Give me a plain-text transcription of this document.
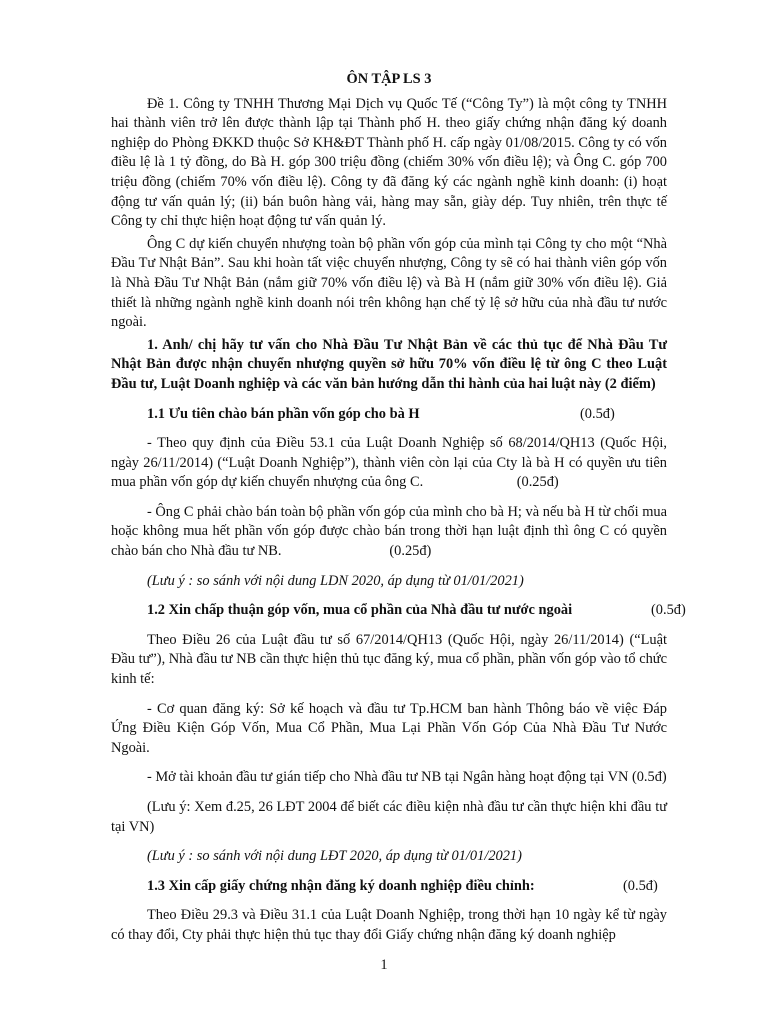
ÔN TẬP LS 3

Đề 1. Công ty TNHH Thương Mại Dịch vụ Quốc Tế (“Công Ty”) là một công ty TNHH hai thành viên trở lên được thành lập tại Thành phố H. theo giấy chứng nhận đăng ký doanh nghiệp do Phòng ĐKKD thuộc Sở KH&ĐT Thành phố H. cấp ngày 01/08/2015. Công ty có vốn điều lệ là 1 tỷ đồng, do Bà H. góp 300 triệu đồng (chiếm 30% vốn điều lệ); và Ông C. góp 700 triệu đồng (chiếm 70% vốn điều lệ). Công ty đã đăng ký các ngành nghề kinh doanh: (i) hoạt động tư vấn quản lý; (ii) bán buôn hàng vải, hàng may sẵn, giày dép. Tuy nhiên, trên thực tế Công ty chỉ thực hiện hoạt động tư vấn quản lý.

Ông C dự kiến chuyển nhượng toàn bộ phần vốn góp của mình tại Công ty cho một “Nhà Đầu Tư Nhật Bản”. Sau khi hoàn tất việc chuyển nhượng, Công ty sẽ có hai thành viên góp vốn là Nhà Đầu Tư Nhật Bản (nắm giữ 70% vốn điều lệ) và Bà H (nắm giữ 30% vốn điều lệ). Giả thiết là những ngành nghề kinh doanh nói trên không hạn chế tỷ lệ sở hữu của nhà đầu tư nước ngoài.

1. Anh/ chị hãy tư vấn cho Nhà Đầu Tư Nhật Bản về các thủ tục để Nhà Đầu Tư Nhật Bản được nhận chuyển nhượng quyền sở hữu 70% vốn điều lệ từ ông C theo Luật Đầu tư, Luật Doanh nghiệp và các văn bản hướng dẫn thi hành của hai luật này (2 điểm)

1.1 Ưu tiên chào bán phần vốn góp cho bà H	(0.5đ)

- Theo quy định của Điều 53.1 của Luật Doanh Nghiệp số 68/2014/QH13 (Quốc Hội, ngày 26/11/2014) (“Luật Doanh Nghiệp”), thành viên còn lại của Cty là bà H có quyền ưu tiên mua phần vốn góp dự kiến chuyển nhượng của ông C.	(0.25đ)

- Ông C phải chào bán toàn bộ phần vốn góp của mình cho bà H; và nếu bà H từ chối mua hoặc không mua hết phần vốn góp được chào bán trong thời hạn luật định thì ông C có quyền chào bán cho Nhà đầu tư NB.	(0.25đ)

(Lưu ý : so sánh với nội dung LDN 2020, áp dụng từ 01/01/2021)

1.2 Xin chấp thuận góp vốn, mua cổ phần của Nhà đầu tư nước ngoài	(0.5đ)

Theo Điều 26 của Luật đầu tư số 67/2014/QH13 (Quốc Hội, ngày 26/11/2014) (“Luật Đầu tư”), Nhà đầu tư NB cần thực hiện thủ tục đăng ký, mua cổ phần, phần vốn góp vào tổ chức kinh tế:

- Cơ quan đăng ký: Sở kế hoạch và đầu tư Tp.HCM ban hành Thông báo về việc Đáp Ứng Điều Kiện Góp Vốn, Mua Cổ Phần, Mua Lại Phần Vốn Góp Của Nhà Đầu Tư Nước Ngoài.

- Mở tài khoản đầu tư gián tiếp cho Nhà đầu tư NB tại Ngân hàng hoạt động tại VN (0.5đ)

(Lưu ý: Xem đ.25, 26 LĐT 2004 để biết các điều kiện nhà đầu tư cần thực hiện khi đầu tư tại VN)

(Lưu ý : so sánh với nội dung LĐT 2020, áp dụng từ 01/01/2021)

1.3 Xin cấp giấy chứng nhận đăng ký doanh nghiệp điều chỉnh:	(0.5đ)

Theo Điều 29.3 và Điều 31.1 của Luật Doanh Nghiệp, trong thời hạn 10 ngày kể từ ngày có thay đổi, Cty phải thực hiện thủ tục thay đổi Giấy chứng nhận đăng ký doanh nghiệp

1
